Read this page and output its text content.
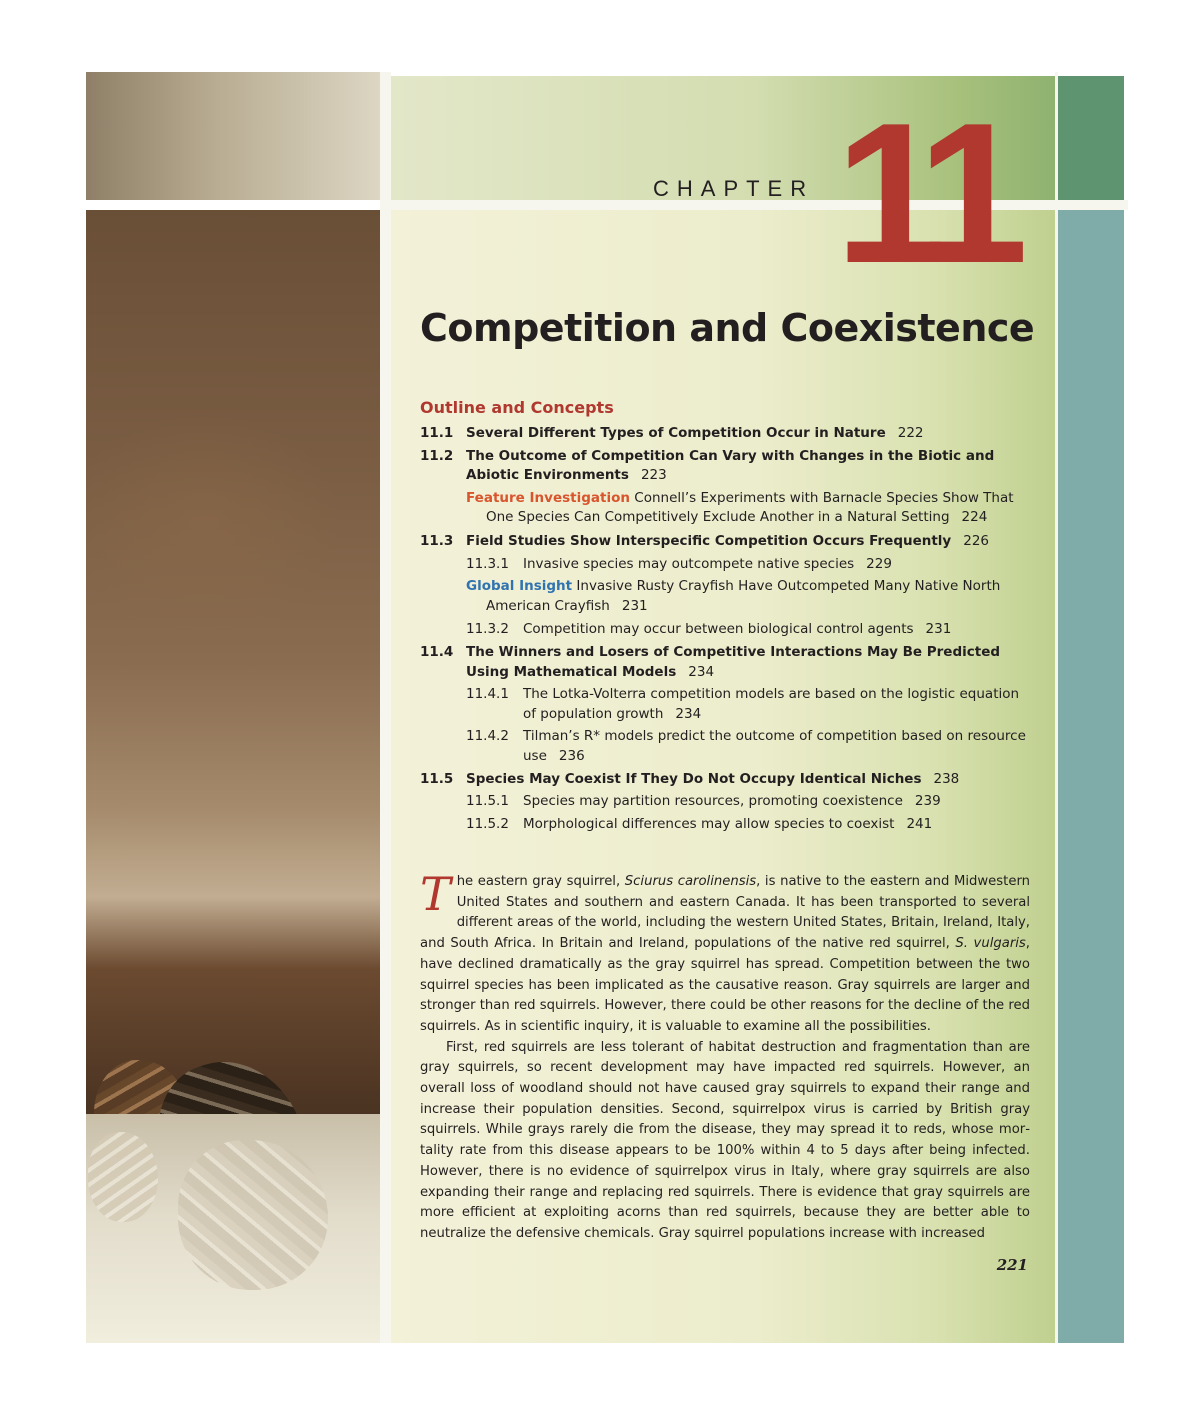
CHAPTER 11
Competition and Coexistence
Outline and Concepts
11.1 Several Different Types of Competition Occur in Nature 222
11.2 The Outcome of Competition Can Vary with Changes in the Biotic and Abiotic Environments 223
Feature Investigation Connell’s Experiments with Barnacle Species Show That One Species Can Competitively Exclude Another in a Natural Setting 224
11.3 Field Studies Show Interspecific Competition Occurs Frequently 226
11.3.1	Invasive species may outcompete native species 229
Global Insight Invasive Rusty Crayfish Have Outcompeted Many Native North American Crayfish 231
11.3.2	Competition may occur between biological control agents 231
11.4 The Winners and Losers of Competitive Interactions May Be Predicted Using Mathematical Models 234
11.4.1	The Lotka-Volterra competition models are based on the logistic equation of population growth 234
11.4.2	Tilman’s R* models predict the outcome of competition based on resource use 236
11.5 Species May Coexist If They Do Not Occupy Identical Niches 238
11.5.1	Species may partition resources, promoting coexistence 239
11.5.2	Morphological differences may allow species to coexist 241

The eastern gray squirrel, Sciurus carolinensis, is native to the eastern and Midwestern United States and southern and eastern Canada. It has been transported to several different areas of the world, including the western United States, Britain, Ireland, Italy, and South Africa. In Britain and Ireland, populations of the native red squirrel, S. vulgaris, have declined dramatically as the gray squirrel has spread. Competition between the two squirrel species has been implicated as the causative reason. Gray squirrels are larger and stronger than red squirrels. However, there could be other reasons for the decline of the red squirrels. As in scientific inquiry, it is valuable to examine all the possibilities.

First, red squirrels are less tolerant of habitat destruction and fragmentation than are gray squirrels, so recent development may have impacted red squirrels. However, an overall loss of woodland should not have caused gray squirrels to expand their range and increase their population densities. Second, squirrelpox virus is carried by British gray squirrels. While grays rarely die from the disease, they may spread it to reds, whose mortality rate from this disease appears to be 100% within 4 to 5 days after being infected. However, there is no evidence of squirrelpox virus in Italy, where gray squirrels are also expanding their range and replacing red squirrels. There is evidence that gray squirrels are more efficient at exploiting acorns than red squirrels, because they are better able to neutralize the defensive chemicals. Gray squirrel populations increase with increased

221
